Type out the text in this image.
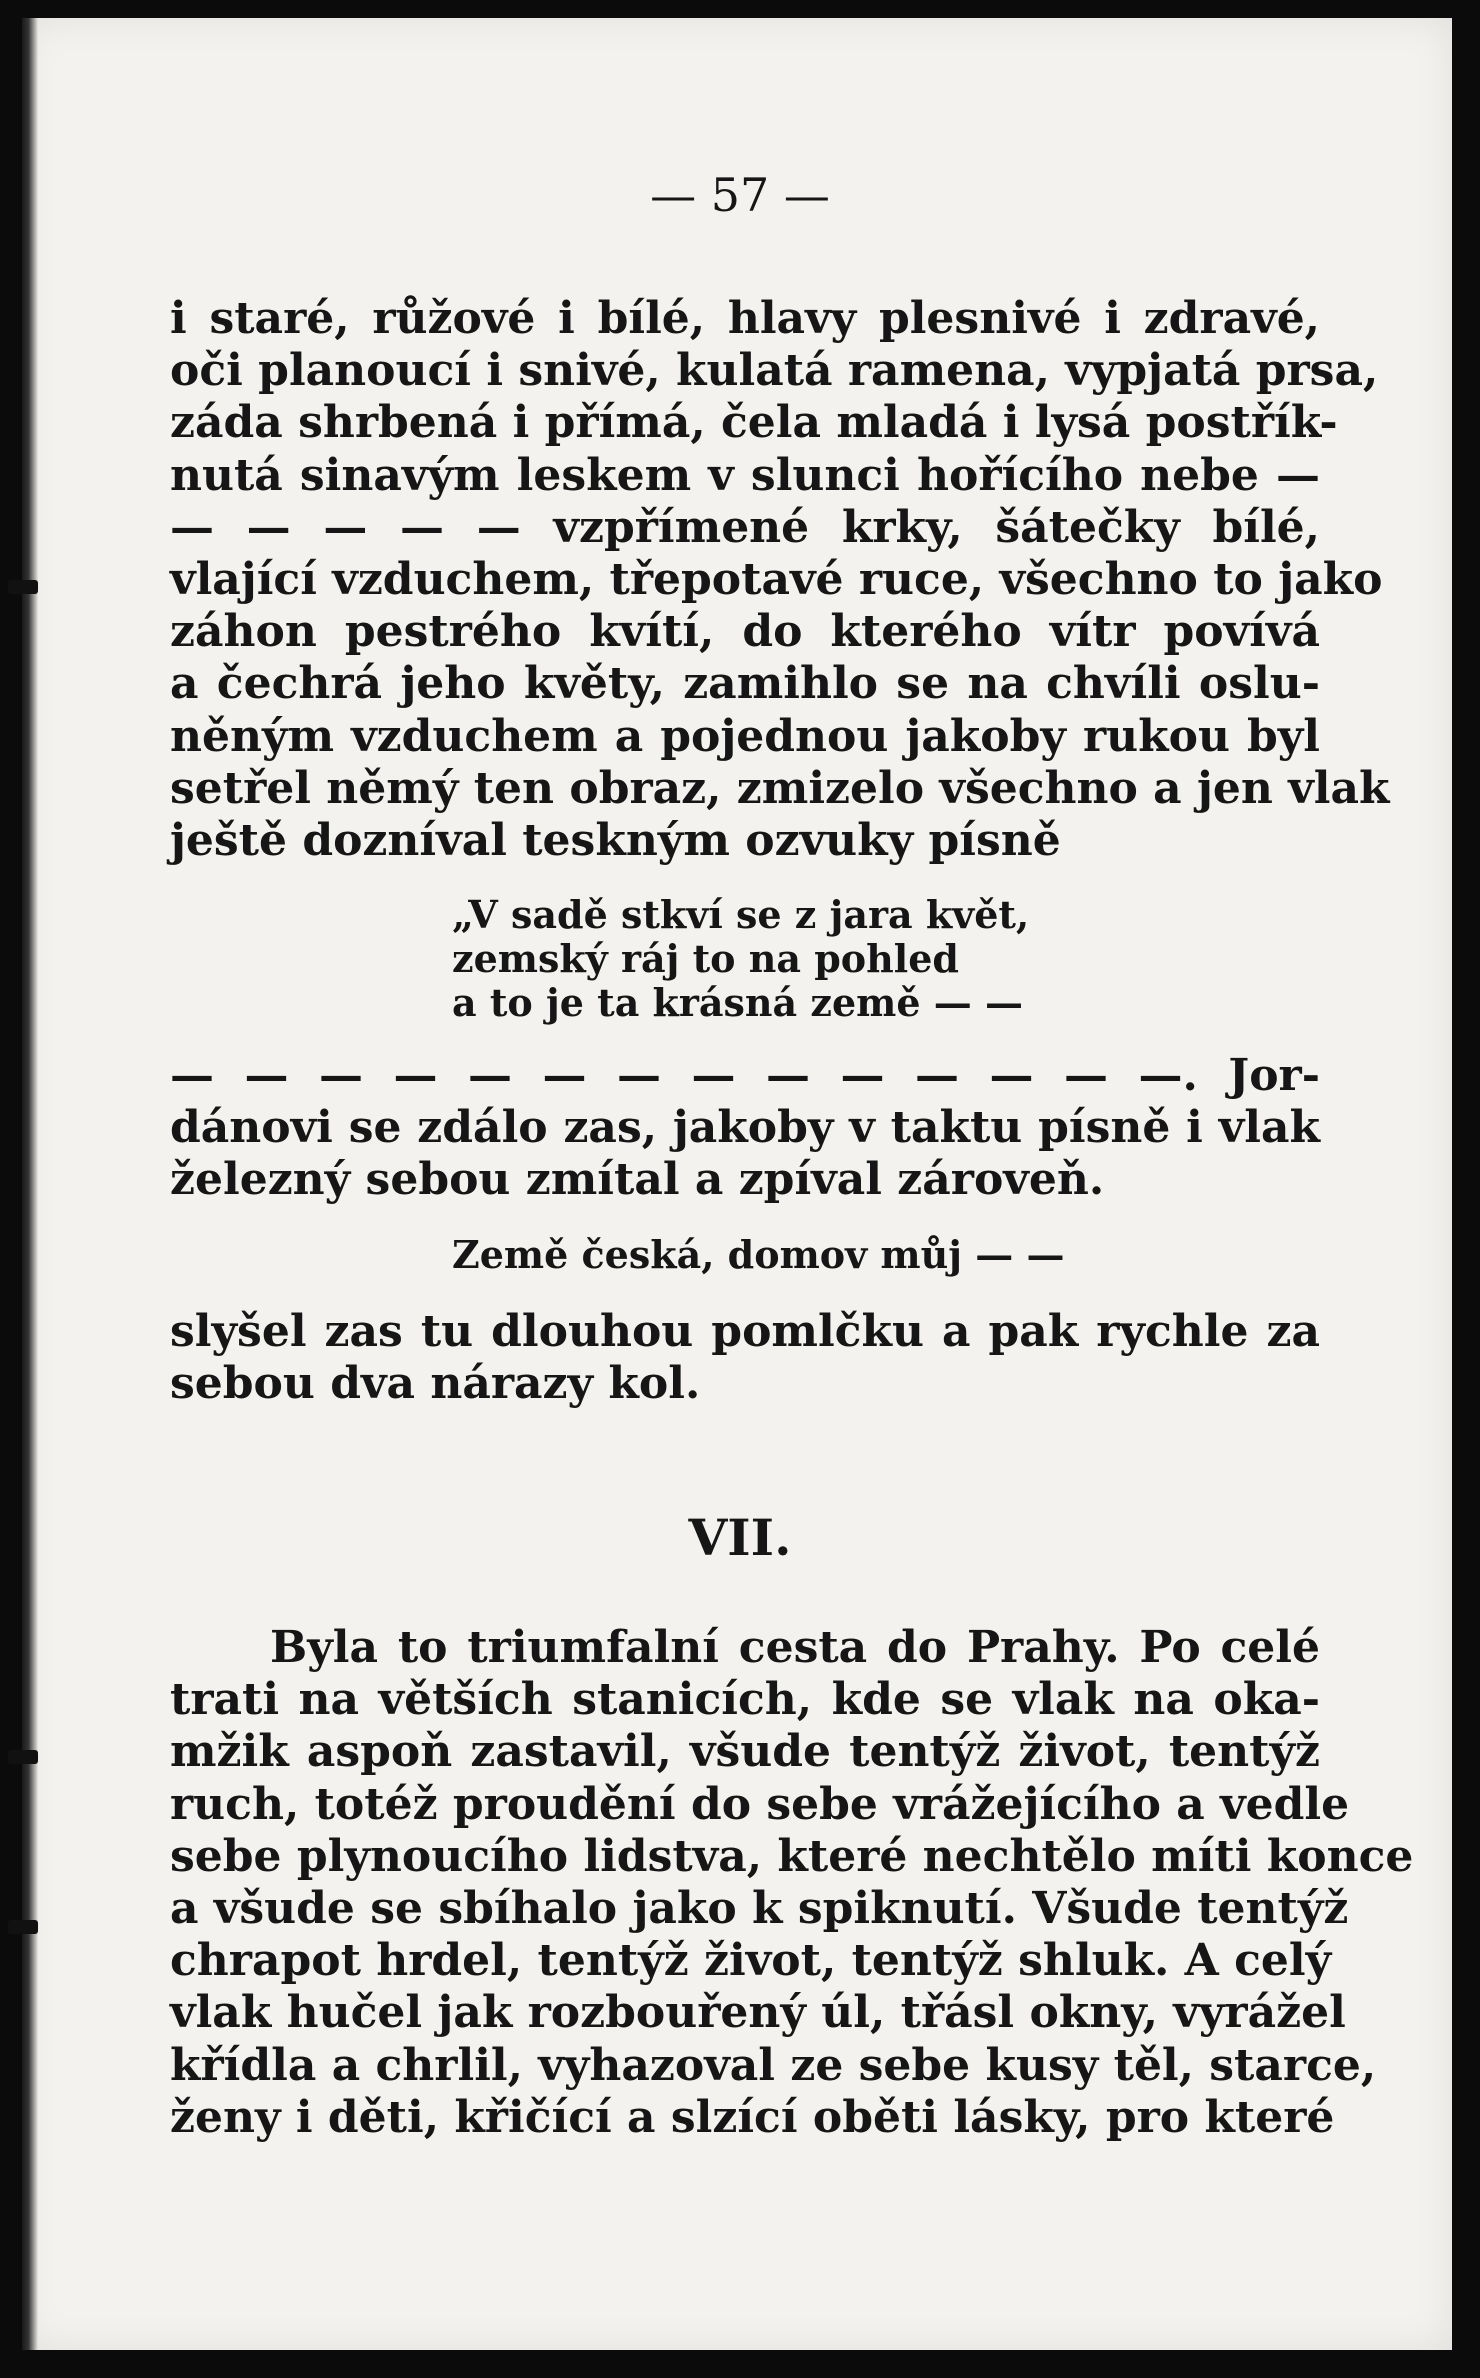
— 57 —
i staré, růžové i bílé, hlavy plesnivé i zdravé,
oči planoucí i snivé, kulatá ramena, vypjatá prsa,
záda shrbená i přímá, čela mladá i lysá postřík-
nutá sinavým leskem v slunci hořícího nebe —
— — — — — vzpřímené krky, šátečky bílé,
vlající vzduchem, třepotavé ruce, všechno to jako
záhon pestrého kvítí, do kterého vítr povívá
a čechrá jeho květy, zamihlo se na chvíli oslu-
něným vzduchem a pojednou jakoby rukou byl
setřel němý ten obraz, zmizelo všechno a jen vlak
ještě dozníval teskným ozvuky písně
„V sadě stkví se z jara květ,
zemský ráj to na pohled
a to je ta krásná země — —
— — — — — — — — — — — — — —. Jor-
dánovi se zdálo zas, jakoby v taktu písně i vlak
železný sebou zmítal a zpíval zároveň.
Země česká, domov můj — —
slyšel zas tu dlouhou pomlčku a pak rychle za
sebou dva nárazy kol.
VII.
Byla to triumfalní cesta do Prahy. Po celé
trati na větších stanicích, kde se vlak na oka-
mžik aspoň zastavil, všude tentýž život, tentýž
ruch, totéž proudění do sebe vrážejícího a vedle
sebe plynoucího lidstva, které nechtělo míti konce
a všude se sbíhalo jako k spiknutí. Všude tentýž
chrapot hrdel, tentýž život, tentýž shluk. A celý
vlak hučel jak rozbouřený úl, třásl okny, vyrážel
křídla a chrlil, vyhazoval ze sebe kusy těl, starce,
ženy i děti, křičící a slzící oběti lásky, pro které
